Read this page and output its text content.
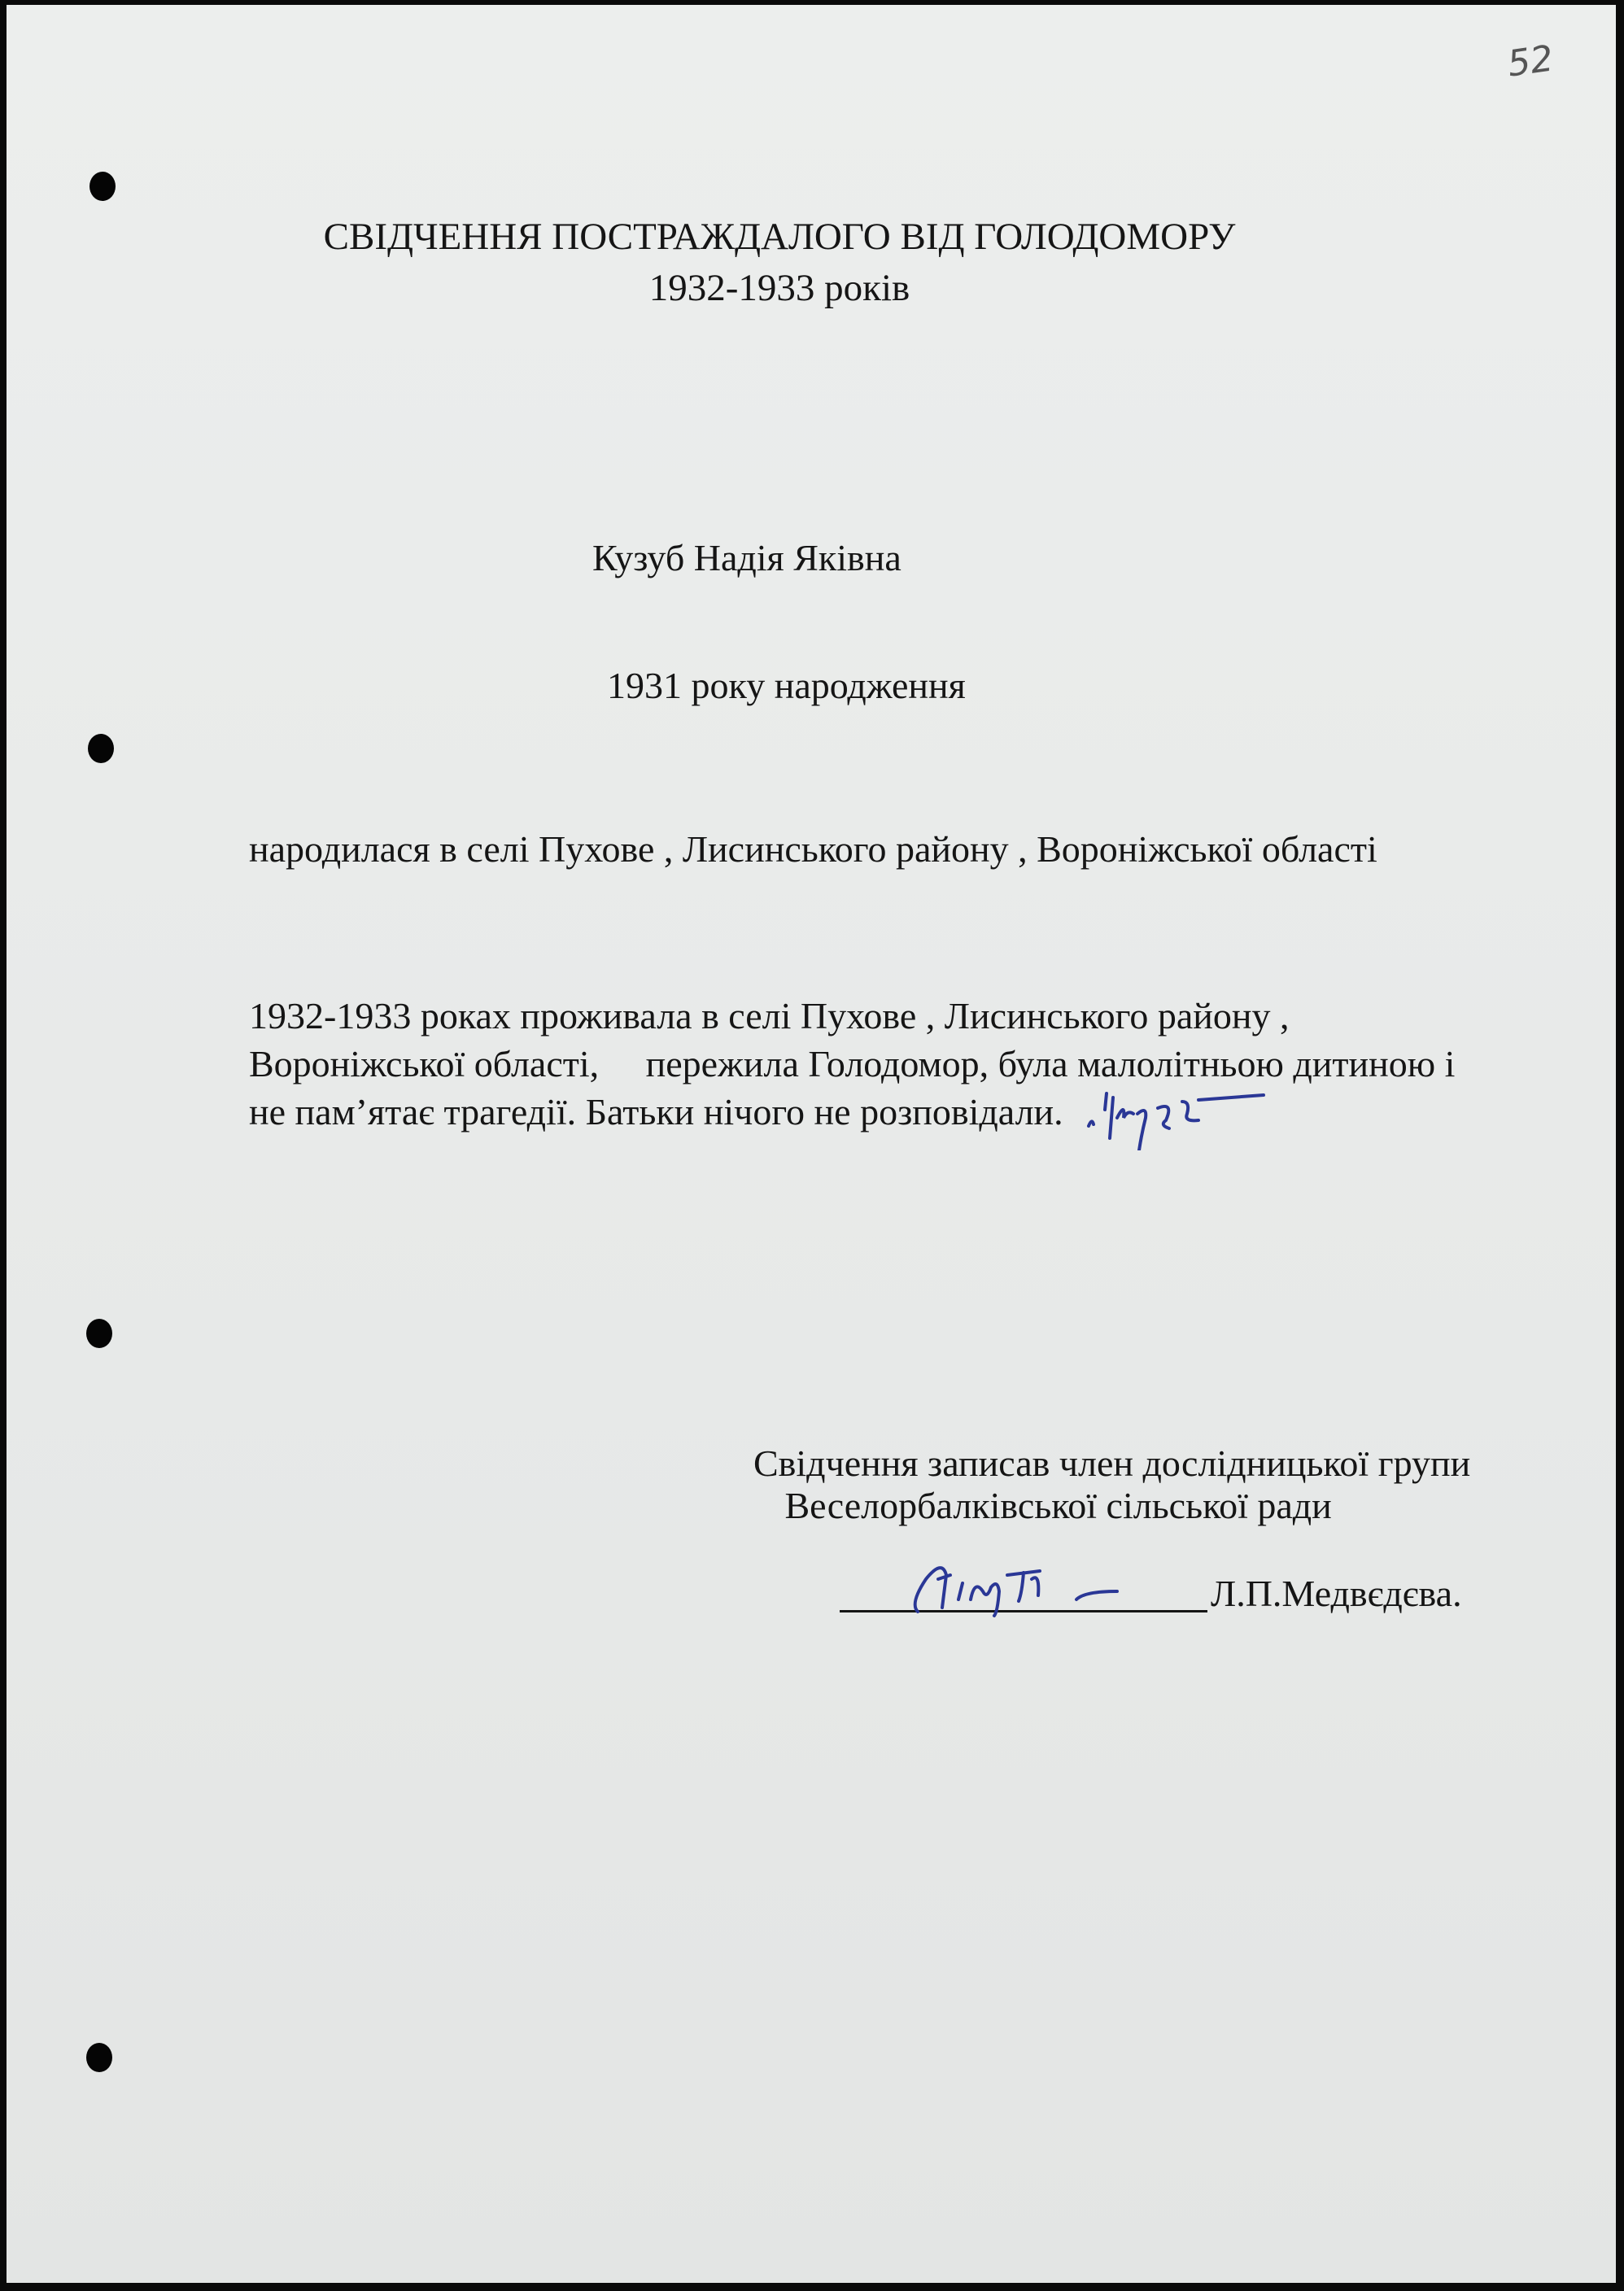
52
СВІДЧЕННЯ ПОСТРАЖДАЛОГО ВІД ГОЛОДОМОРУ
1932-1933 років
Кузуб Надія Яківна
1931 року народження
народилася в селі Пухове , Лисинського району , Вороніжської області
1932-1933 роках проживала в селі Пухове , Лисинського району ,
Вороніжської області,     пережила Голодомор, була малолітньою дитиною і
не пам’ятає трагедії. Батьки нічого не розповідали.
Свідчення записав член дослідницької групи
Веселорбалківської сільської ради
Л.П.Медвєдєва.
